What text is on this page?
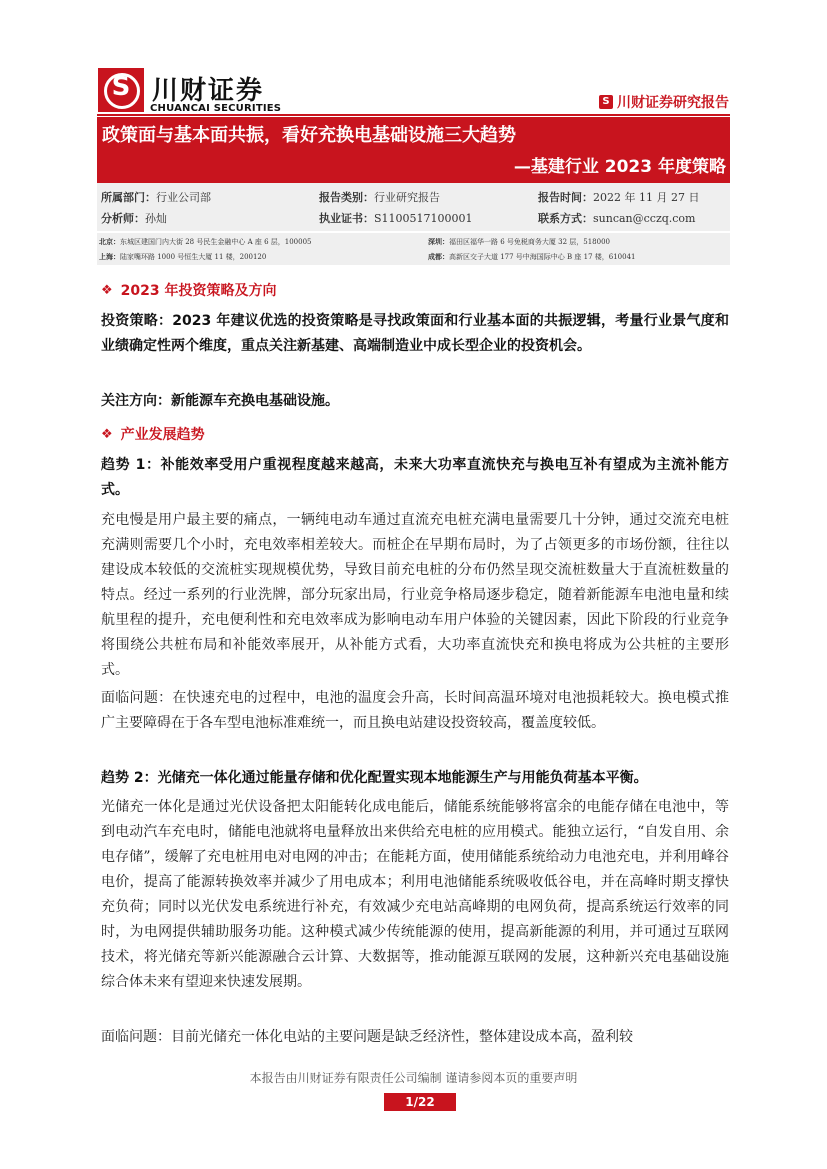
S 川财证券
CHUANCAI SECURITIES
S 川财证券研究报告
政策面与基本面共振，看好充换电基础设施三大趋势
—基建行业 2023 年度策略
所属部门：行业公司部	报告类别：行业研究报告	报告时间：2022 年 11 月 27 日
分析师：孙灿	执业证书：S1100517100001	联系方式：suncan@cczq.com
北京：东城区建国门内大街 28 号民生金融中心 A 座 6 层，100005	深圳：福田区福华一路 6 号免税商务大厦 32 层，518000
上海：陆家嘴环路 1000 号恒生大厦 11 楼，200120	成都：高新区交子大道 177 号中海国际中心 B 座 17 楼，610041
❖ 2023 年投资策略及方向
投资策略：2023 年建议优选的投资策略是寻找政策面和行业基本面的共振逻辑，考量行业景气度和业绩确定性两个维度，重点关注新基建、高端制造业中成长型企业的投资机会。
关注方向：新能源车充换电基础设施。
❖ 产业发展趋势
趋势 1：补能效率受用户重视程度越来越高，未来大功率直流快充与换电互补有望成为主流补能方式。
充电慢是用户最主要的痛点，一辆纯电动车通过直流充电桩充满电量需要几十分钟，通过交流充电桩充满则需要几个小时，充电效率相差较大。而桩企在早期布局时，为了占领更多的市场份额，往往以建设成本较低的交流桩实现规模优势，导致目前充电桩的分布仍然呈现交流桩数量大于直流桩数量的特点。经过一系列的行业洗牌，部分玩家出局，行业竞争格局逐步稳定，随着新能源车电池电量和续航里程的提升，充电便利性和充电效率成为影响电动车用户体验的关键因素，因此下阶段的行业竞争将围绕公共桩布局和补能效率展开，从补能方式看，大功率直流快充和换电将成为公共桩的主要形式。
面临问题：在快速充电的过程中，电池的温度会升高，长时间高温环境对电池损耗较大。换电模式推广主要障碍在于各车型电池标准难统一，而且换电站建设投资较高，覆盖度较低。
趋势 2：光储充一体化通过能量存储和优化配置实现本地能源生产与用能负荷基本平衡。
光储充一体化是通过光伏设备把太阳能转化成电能后，储能系统能够将富余的电能存储在电池中，等到电动汽车充电时，储能电池就将电量释放出来供给充电桩的应用模式。能独立运行，“自发自用、余电存储”，缓解了充电桩用电对电网的冲击；在能耗方面，使用储能系统给动力电池充电，并利用峰谷电价，提高了能源转换效率并减少了用电成本；利用电池储能系统吸收低谷电，并在高峰时期支撑快充负荷；同时以光伏发电系统进行补充，有效减少充电站高峰期的电网负荷，提高系统运行效率的同时，为电网提供辅助服务功能。这种模式减少传统能源的使用，提高新能源的利用，并可通过互联网技术，将光储充等新兴能源融合云计算、大数据等，推动能源互联网的发展，这种新兴充电基础设施综合体未来有望迎来快速发展期。
面临问题：目前光储充一体化电站的主要问题是缺乏经济性，整体建设成本高，盈利较
本报告由川财证券有限责任公司编制 谨请参阅本页的重要声明
1/22
